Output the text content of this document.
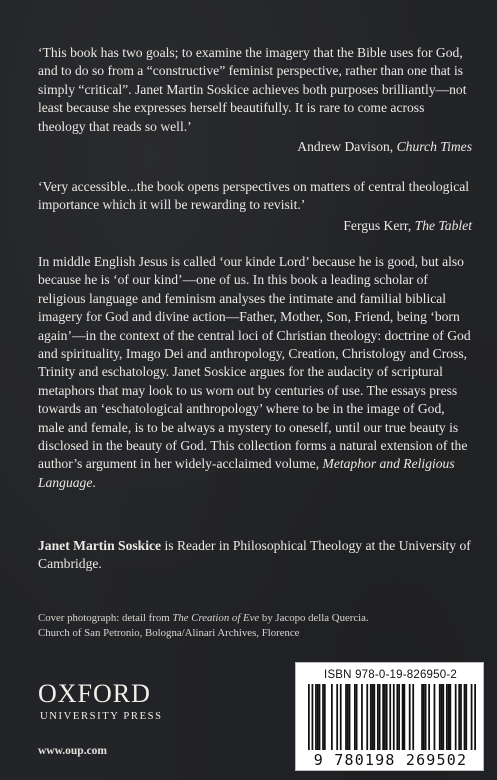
‘This book has two goals; to examine the imagery that the Bible uses for God, and to do so from a “constructive” feminist perspective, rather than one that is simply “critical”. Janet Martin Soskice achieves both purposes brilliantly—not least because she expresses herself beautifully. It is rare to come across theology that reads so well.’
Andrew Davison, Church Times
‘Very accessible...the book opens perspectives on matters of central theological importance which it will be rewarding to revisit.’
Fergus Kerr, The Tablet
In middle English Jesus is called ‘our kinde Lord’ because he is good, but also because he is ‘of our kind’—one of us. In this book a leading scholar of religious language and feminism analyses the intimate and familial biblical imagery for God and divine action—Father, Mother, Son, Friend, being ‘born again’—in the context of the central loci of Christian theology: doctrine of God and spirituality, Imago Dei and anthropology, Creation, Christology and Cross, Trinity and eschatology. Janet Soskice argues for the audacity of scriptural metaphors that may look to us worn out by centuries of use. The essays press towards an ‘eschatological anthropology’ where to be in the image of God, male and female, is to be always a mystery to oneself, until our true beauty is disclosed in the beauty of God. This collection forms a natural extension of the author’s argument in her widely-acclaimed volume, Metaphor and Religious Language.
Janet Martin Soskice is Reader in Philosophical Theology at the University of Cambridge.
Cover photograph: detail from The Creation of Eve by Jacopo della Quercia.
Church of San Petronio, Bologna/Alinari Archives, Florence
OXFORD
UNIVERSITY PRESS
www.oup.com
ISBN 978-0-19-826950-2
9 780198 269502
